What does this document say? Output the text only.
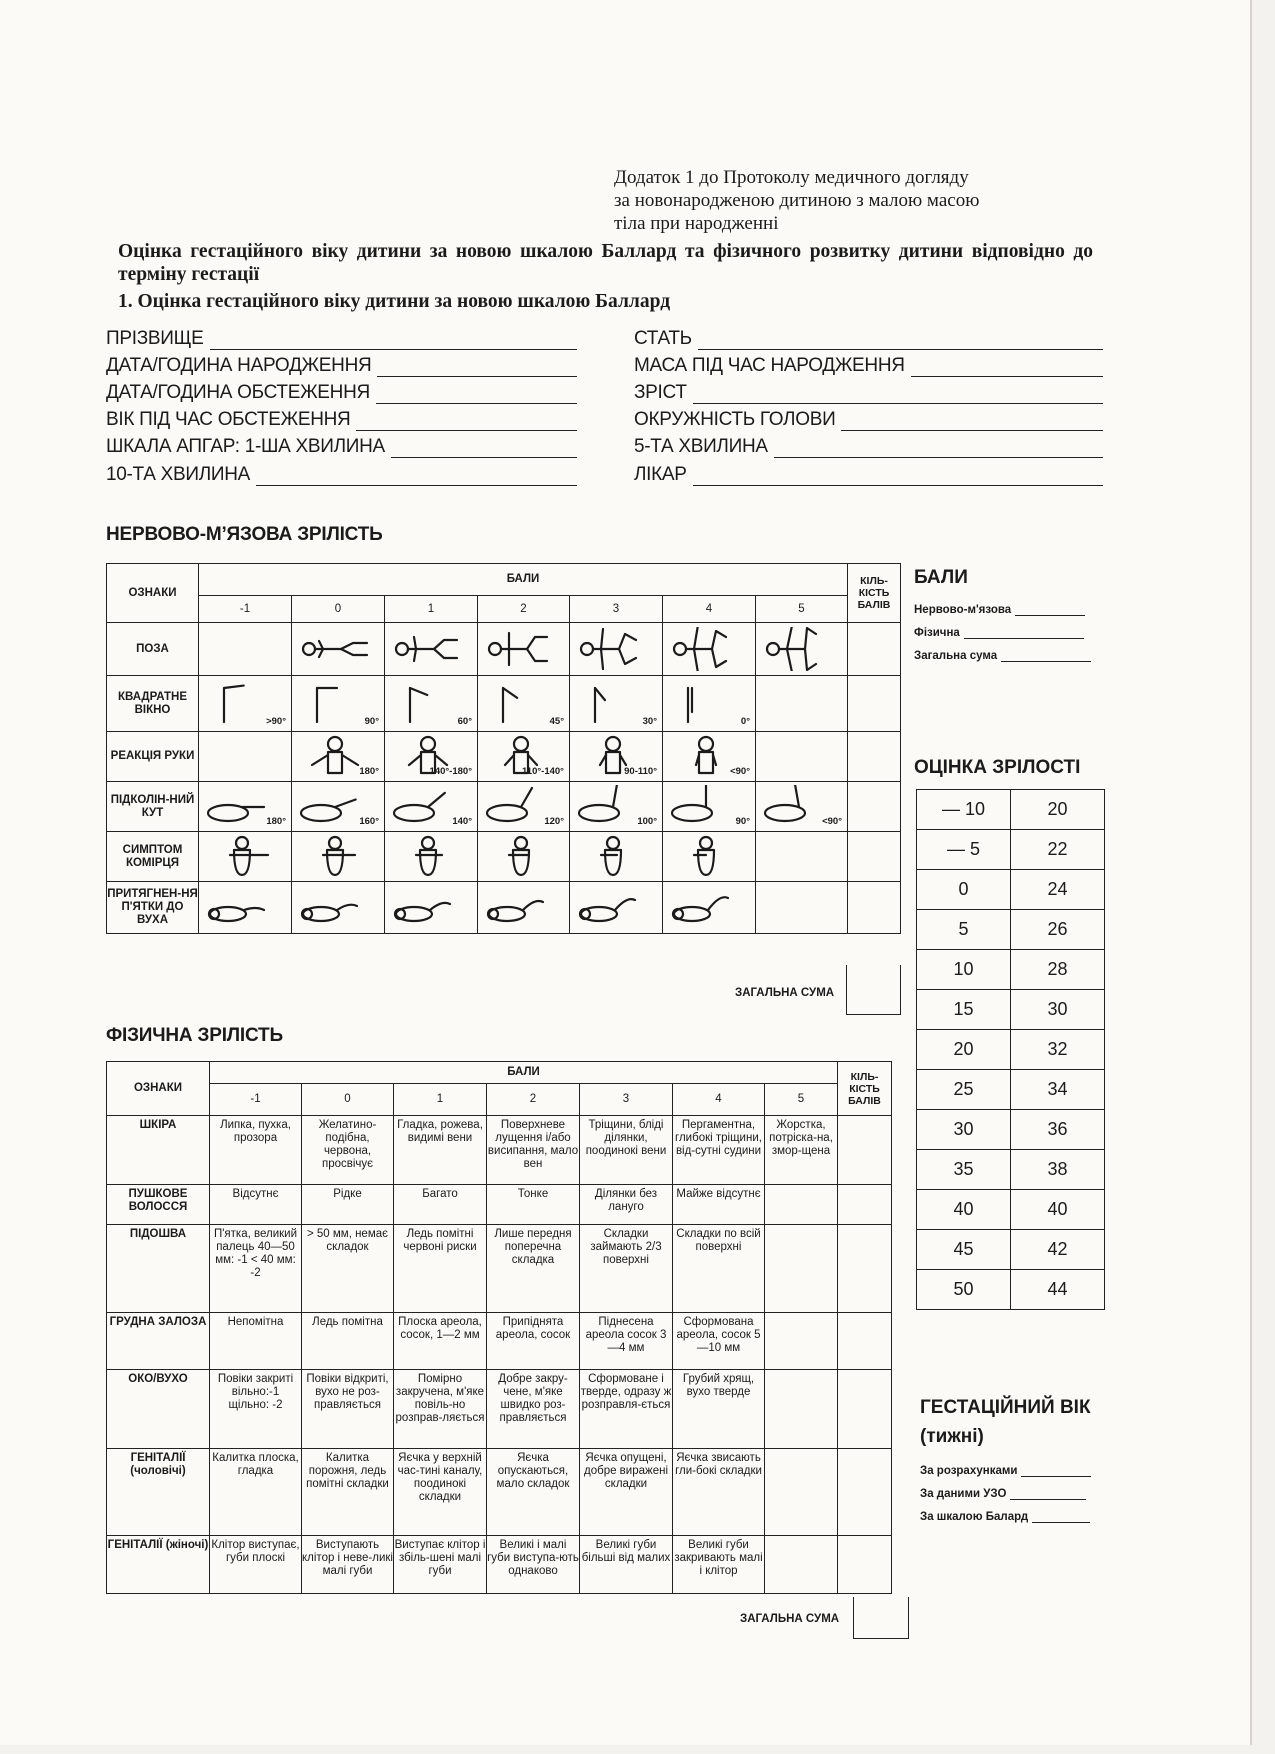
Додаток 1 до Протоколу медичного догляду
за новонародженою дитиною з малою масою
тіла при народженні
Оцінка гестаційного віку дитини за новою шкалою Баллард та фізичного розвитку дитини відповідно до терміну гестації
1. Оцінка гестаційного віку дитини за новою шкалою Баллард
ПРІЗВИЩЕ
ДАТА/ГОДИНА НАРОДЖЕННЯ
ДАТА/ГОДИНА ОБСТЕЖЕННЯ
ВІК ПІД ЧАС ОБСТЕЖЕННЯ
ШКАЛА АПГАР: 1-ША ХВИЛИНА
10-ТА ХВИЛИНА
СТАТЬ
МАСА ПІД ЧАС НАРОДЖЕННЯ
ЗРІСТ
ОКРУЖНІСТЬ ГОЛОВИ
5-ТА ХВИЛИНА
ЛІКАР
НЕРВОВО-М’ЯЗОВА ЗРІЛІСТЬ
ОЗНАКИ	БАЛИ							КІЛЬ-КІСТЬ БАЛІВ
	-1	0	1	2	3	4	5	
ПОЗА	

КВАДРАТНЕ ВІКНО	>90°	90°	60°	45°	30°	0°

РЕАКЦІЯ РУКИ		180°	140°-180°	110°-140°	90-110°	<90°

ПІДКОЛІН-НИЙ КУТ	180°	160°	140°	120°	100°	90°	<90°	

СИМПТОМ КОМІРЦЯ	

ПРИТЯГНЕН-НЯ П'ЯТКИ ДО ВУХА	

ЗАГАЛЬНА СУМА
БАЛИ
Нервово-м'язова
Фізична
Загальна сума
ОЦІНКА ЗРІЛОСТІ
— 10	20
— 5	22
0	24
5	26
10	28
15	30
20	32
25	34
30	36
35	38
40	40
45	42
50	44
ФІЗИЧНА ЗРІЛІСТЬ
ОЗНАКИ	БАЛИ							КІЛЬ-КІСТЬ БАЛІВ
	-1	0	1	2	3	4	5	
ШКІРА	Липка, пухка, прозора	Желатино-подібна, червона, просвічує	Гладка, рожева, видимі вени	Поверхневе лущення і/або висипання, мало вен	Тріщини, бліді ділянки, поодинокі вени	Пергаментна, глибокі тріщини, від-сутні судини	Жорстка, потріска-на, змор-щена	
ПУШКОВЕ ВОЛОССЯ	Відсутнє	Рідке	Багато	Тонке	Ділянки без лануго	Майже відсутнє		
ПІДОШВА	П'ятка, великий палець 40—50 мм: -1 < 40 мм: -2	> 50 мм, немає складок	Ледь помітні червоні риски	Лише передня поперечна складка	Складки займають 2/3 поверхні	Складки по всій поверхні		
ГРУДНА ЗАЛОЗА	Непомітна	Ледь помітна	Плоска ареола, сосок, 1—2 мм	Припіднята ареола, сосок	Піднесена ареола сосок 3—4 мм	Сформована ареола, сосок 5—10 мм		
ОКО/ВУХО	Повіки закриті вільно:-1 щільно: -2	Повіки відкриті, вухо не роз-правляється	Помірно закручена, м'яке повіль-но розправ-ляється	Добре закру-чене, м'яке швидко роз-правляється	Сформоване і тверде, одразу ж розправля-ється	Грубий хрящ, вухо тверде		
ГЕНІТАЛІЇ (чоловічі)	Калитка плоска, гладка	Калитка порожня, ледь помітні складки	Яєчка у верхній час-тині каналу, поодинокі складки	Яєчка опускаються, мало складок	Яєчка опущені, добре виражені складки	Яєчка звисають гли-бокі складки		
ГЕНІТАЛІЇ (жіночі)	Клітор виступає, губи плоскі	Виступають клітор і неве-ликі малі губи	Виступає клітор і збіль-шені малі губи	Великі і малі губи виступа-ють однаково	Великі губи більші від малих	Великі губи закривають малі і клітор		
ЗАГАЛЬНА СУМА
ГЕСТАЦІЙНИЙ ВІК
(тижні)
За розрахунками
За даними УЗО
За шкалою Балард
